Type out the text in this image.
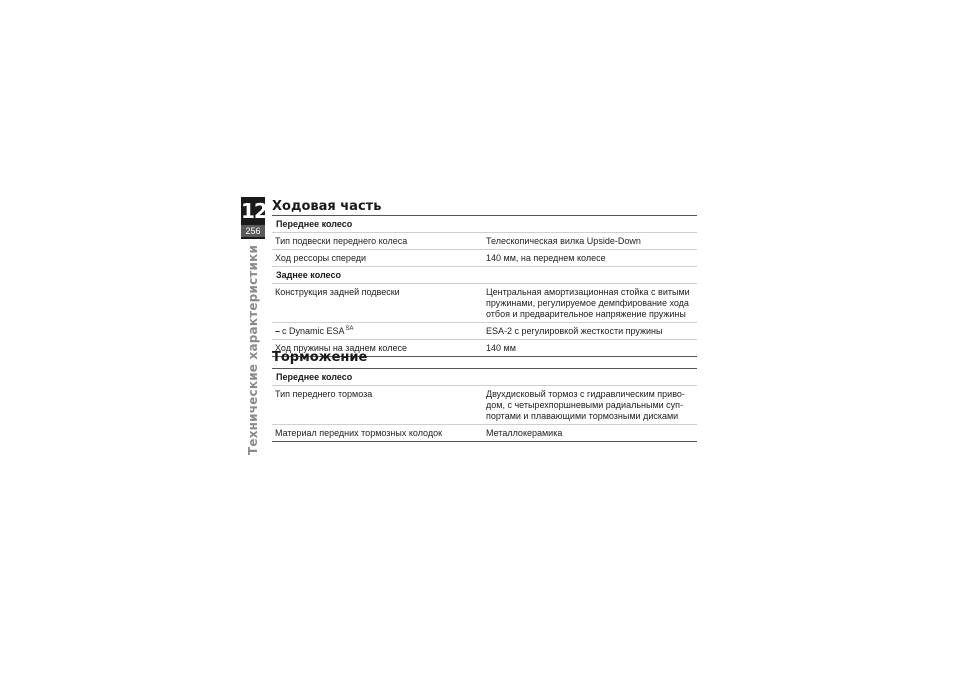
12
256
Технические характеристики
Ходовая часть
Переднее колесо
Тип подвески переднего колеса	Телескопическая вилка Upside-Down
Ход рессоры спереди	140 мм, на переднем колесе
Заднее колесо
Конструкция задней подвески	Центральная амортизационная стойка с витыми пружинами, регулируемое демпфирование хода отбоя и предварительное напряжение пружины
– с Dynamic $ESA^{SA}$	ESA-2 с регулировкой жесткости пружины
Ход пружины на заднем колесе	140 мм
Торможение
Переднее колесо
Тип переднего тормоза	Двухдисковый тормоз с гидравлическим приводом, с четырехпоршневыми радиальными суппортами и плавающими тормозными дисками
Материал передних тормозных колодок	Металлокерамика
